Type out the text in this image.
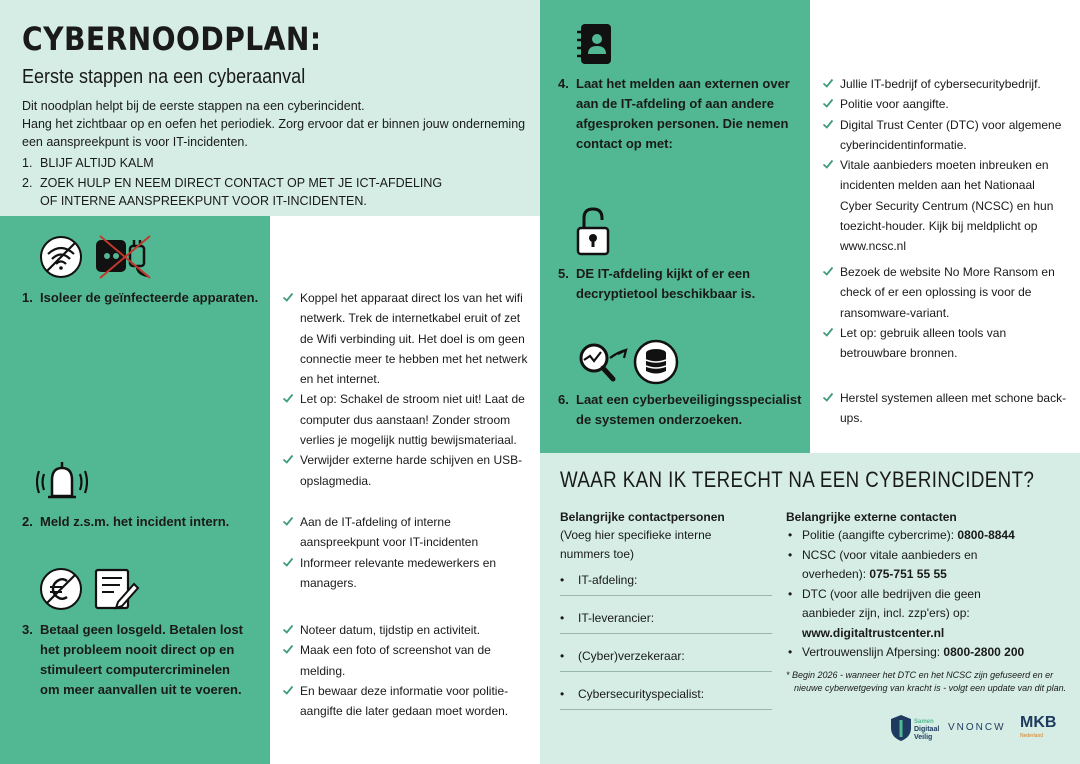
CYBERNOODPLAN:
Eerste stappen na een cyberaanval
Dit noodplan helpt bij de eerste stappen na een cyberincident.
Hang het zichtbaar op en oefen het periodiek. Zorg ervoor dat er binnen jouw onderneming
een aanspreekpunt is voor IT-incidenten.
1. BLIJF ALTIJD KALM
2. ZOEK HULP EN NEEM DIRECT CONTACT OP MET JE ICT-AFDELING
OF INTERNE AANSPREEKPUNT VOOR IT-INCIDENTEN.
1. Isoleer de geïnfecteerde apparaten.	Koppel het apparaat direct los van het wifi netwerk. Trek de internetkabel eruit of zet de Wifi verbinding uit. Het doel is om geen connectie meer te hebben met het netwerk en het internet.
Let op: Schakel de stroom niet uit! Laat de computer dus aanstaan! Zonder stroom verlies je mogelijk nuttig bewijsmateriaal.
Verwijder externe harde schijven en USB-opslagmedia.
2. Meld z.s.m. het incident intern.	Aan de IT-afdeling of interne aanspreekpunt voor IT-incidenten
Informeer relevante medewerkers en managers.
3. Betaal geen losgeld. Betalen lost
het probleem nooit direct op en
stimuleert computercriminelen
om meer aanvallen uit te voeren.
Noteer datum, tijdstip en activiteit.
Maak een foto of screenshot van de melding.
En bewaar deze informatie voor politie-aangifte die later gedaan moet worden.
4. Laat het melden aan externen over
aan de IT-afdeling of aan andere
afgesproken personen. Die nemen
contact op met:
Jullie IT-bedrijf of cybersecuritybedrijf.
Politie voor aangifte.
Digital Trust Center (DTC) voor algemene cyberincidentinformatie.
Vitale aanbieders moeten inbreuken en incidenten melden aan het Nationaal Cyber Security Centrum (NCSC) en hun toezicht-houder. Kijk bij meldplicht op www.ncsc.nl
5. DE IT-afdeling kijkt of er een
decryptietool beschikbaar is.
Bezoek de website No More Ransom en check of er een oplossing is voor de ransomware-variant.
Let op: gebruik alleen tools van betrouwbare bronnen.
6. Laat een cyberbeveiligingsspecialist
de systemen onderzoeken.
Herstel systemen alleen met schone back-ups.
WAAR KAN IK TERECHT NA EEN CYBERINCIDENT?
Belangrijke contactpersonen
(Voeg hier specifieke interne
nummers toe)
• IT-afdeling:
• IT-leverancier:
• (Cyber)verzekeraar:
• Cybersecurityspecialist:
Belangrijke externe contacten
• Politie (aangifte cybercrime): 0800-8844
• NCSC (voor vitale aanbieders en
overheden): 075-751 55 55
• DTC (voor alle bedrijven die geen
aanbieder zijn, incl. zzp'ers) op:
www.digitaltrustcenter.nl
• Vertrouwenslijn Afpersing: 0800-2800 200
* Begin 2026 - wanneer het DTC en het NCSC zijn gefuseerd en er
nieuwe cyberwetgeving van kracht is - volgt een update van dit plan.
Samen
Digitaal
Veilig
VNONCW MKB
Nederland
